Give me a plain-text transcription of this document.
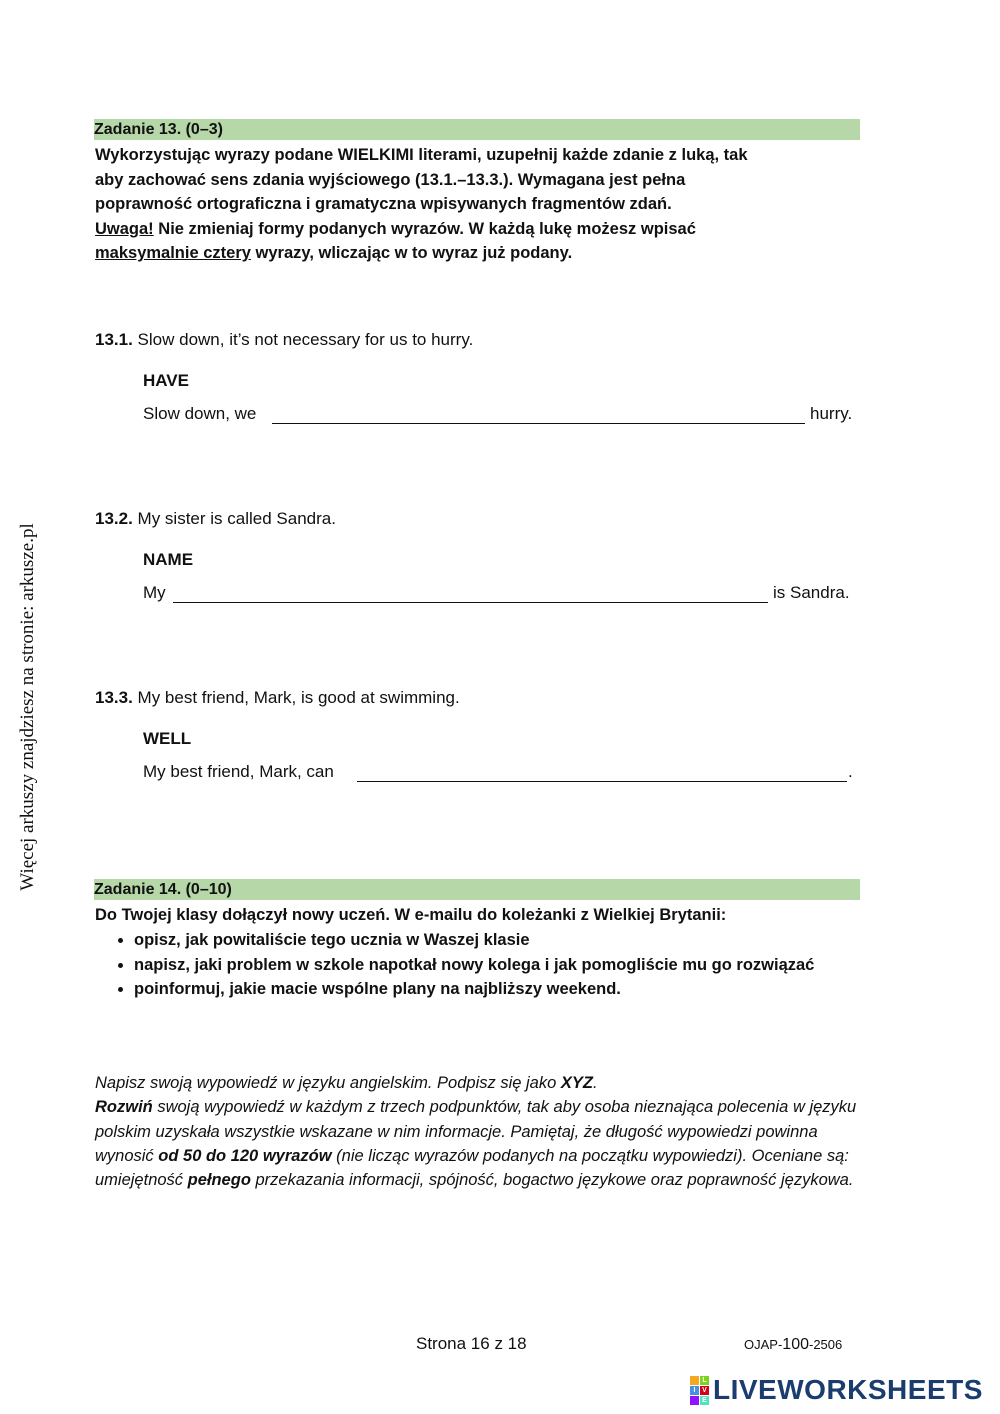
Więcej arkuszy znajdziesz na stronie: arkusze.pl
Zadanie 13. (0–3)
Wykorzystując wyrazy podane WIELKIMI literami, uzupełnij każde zdanie z luką, tak
aby zachować sens zdania wyjściowego (13.1.–13.3.). Wymagana jest pełna
poprawność ortograficzna i gramatyczna wpisywanych fragmentów zdań.
Uwaga! Nie zmieniaj formy podanych wyrazów. W każdą lukę możesz wpisać
maksymalnie cztery wyrazy, wliczając w to wyraz już podany.
13.1. Slow down, it’s not necessary for us to hurry.
HAVE
Slow down, we	hurry.
13.2. My sister is called Sandra.
NAME
My	is Sandra.
13.3. My best friend, Mark, is good at swimming.
WELL
My best friend, Mark, can	.
Zadanie 14. (0–10)
Do Twojej klasy dołączył nowy uczeń. W e-mailu do koleżanki z Wielkiej Brytanii:
• opisz, jak powitaliście tego ucznia w Waszej klasie
• napisz, jaki problem w szkole napotkał nowy kolega i jak pomogliście mu go rozwiązać
• poinformuj, jakie macie wspólne plany na najbliższy weekend.
Napisz swoją wypowiedź w języku angielskim. Podpisz się jako XYZ.
Rozwiń swoją wypowiedź w każdym z trzech podpunktów, tak aby osoba nieznająca polecenia w języku polskim uzyskała wszystkie wskazane w nim informacje. Pamiętaj, że długość wypowiedzi powinna wynosić od 50 do 120 wyrazów (nie licząc wyrazów podanych na początku wypowiedzi). Oceniane są: umiejętność pełnego przekazania informacji, spójność, bogactwo językowe oraz poprawność językowa.
Strona 16 z 18	OJAP-100-2506
L
I V
E LIVEWORKSHEETS
